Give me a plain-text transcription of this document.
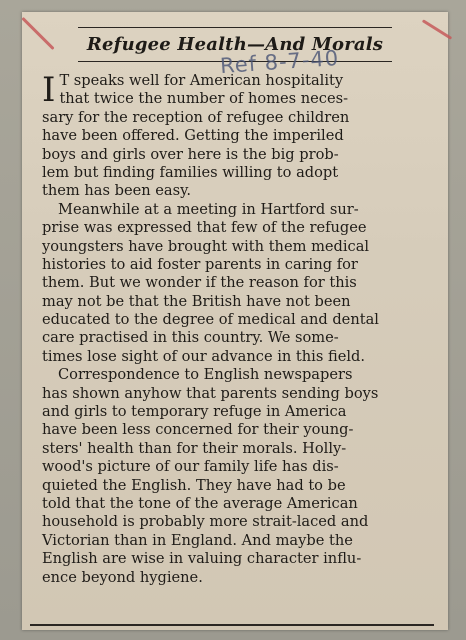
Refugee Health—And Morals
Ref 8-7-40
I T speaks well for American hospitality
that twice the number of homes neces-
sary for the reception of refugee children
have been offered. Getting the imperiled
boys and girls over here is the big prob-
lem but finding families willing to adopt
them has been easy.
Meanwhile at a meeting in Hartford sur-
prise was expressed that few of the refugee
youngsters have brought with them medical
histories to aid foster parents in caring for
them. But we wonder if the reason for this
may not be that the British have not been
educated to the degree of medical and dental
care practised in this country. We some-
times lose sight of our advance in this field.
Correspondence to English newspapers
has shown anyhow that parents sending boys
and girls to temporary refuge in America
have been less concerned for their young-
sters' health than for their morals. Holly-
wood's picture of our family life has dis-
quieted the English. They have had to be
told that the tone of the average American
household is probably more strait-laced and
Victorian than in England. And maybe the
English are wise in valuing character influ-
ence beyond hygiene.
